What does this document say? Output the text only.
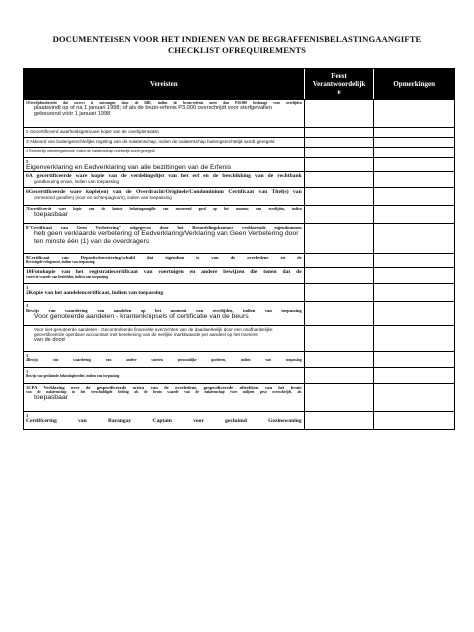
DOCUMENTEISEN VOOR HET INDIENEN VAN DE BEGRAFFENISBELASTINGAANGIFTE
CHECKLIST OFREQUIREMENTS
Vereisten
Feest
Verantwoordelijk
e
Opmerkingen
1Overlijdensbericht dat correct is ontvangen door de BIR, indien de bruto-erfenis meer dan P20.000 bedraagt voor overlijden
plaatsvindt op of na 1 januari 1998; of als de bruto-erfenis P3.000 overschrijdt voor sterfgevallen
gebeurend vóór 1 januari 1998
2 Gecertificeerd waarheidsgetrouwe kopie van de overlijdensakte
3 Akkoord van buitengerechtelijke regeling van de nalatenschap, indien de nalatenschap buitengerechtelijk wordt geregeld
4 Rechterlijk uitvoeringsbesluit, indien de nalatenschap rechterlijk wordt geregeld
5
Eigenverklaring en Eedverklaring van alle bezittingen van de Erfenis
6A gecertificeerde ware kopie van de verdelingslijst van het erf en de beschikking van de rechtbank
goedkeuring ervan, indien van toepassing
6Gecertificeerde ware kopie(en) van de Overdracht/Originele/Condominium Certificaat van Titel(s) van
onroerend goedlen) (voor en achterpagina's), indien van toepassing
7Gecertificeerde ware kopie van de laatste belastingaangifte van onroerend goed op het moment van overlijden, indien
toepasbaar
8"Certificaat van Geen Verbetering" uitgegeven door het Beoordelingskantoor verklarende eigendommen
heb geen verklaarde verbetering of Eedverklaring/Verklaring van Geen Verbetering door
ten minste één (1) van de overdragers
9Certificaat van Deposito/investering/schuld dat eigendom is van de overledene en de
Bevestigde echtgenoot, indien van toepassing
10Fotokopie van het registratiecertificaat van voertuigen en andere bewijzen die tonen dat de
correcte waarde van bezittiden, indien van toepassing
1
2Kopie van het aandelencertificaat, indien van toepassing
1
Bewijs van waardering van aandelen op het moment van overlijden, indien van toepassing
Voor genoteerde aandelen - krantenknipsels of certificatie van de beurs
Voor niet-genoteerde aandelen - Gecontroleerde financiële overzichten van de daadwerkelijk door een onafhankelijke
gecertificeerde openbare accountant met berekening van de eerlijke marktwaarde per aandeel op het moment
van de dood
1
4Bewijs van waardering van andere soorten persoonlijke goederen, indien van toepassing
1
Bewijs van geclaimde belastingkrediet, indien van toepassing
1CPA Verklaring over de gespecificeerde activa van de overledene, gespecificeerde aftrekken van het bruto
van de nalatenschap in het verschuldigde bedrag als de bruto waarde van de nalatenschap twee miljoen peso overschrijdt, als
toepasbaar
1
Certificering van Barangay Captain voor gecluimd Gezinswoning
